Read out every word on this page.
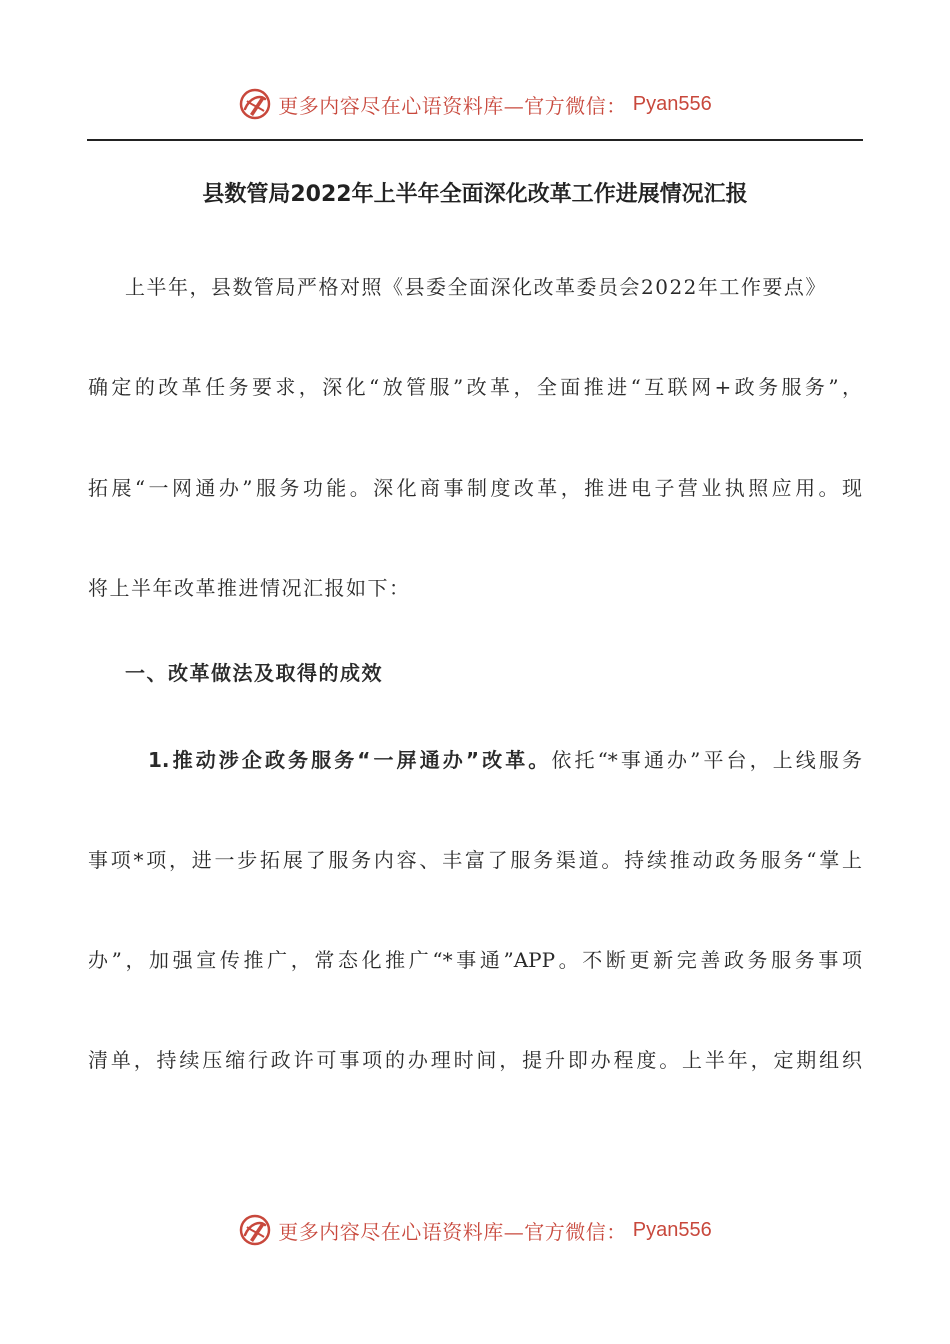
更多内容尽在心语资料库—官方微信： Pyan556
县数管局2022年上半年全面深化改革工作进展情况汇报
上半年，县数管局严格对照《县委全面深化改革委员会2022年工作要点》
确定的改革任务要求，深化“放管服”改革，全面推进“互联网+政务服务”，
拓展“一网通办”服务功能。深化商事制度改革，推进电子营业执照应用。现
将上半年改革推进情况汇报如下：
一、改革做法及取得的成效
1.推动涉企政务服务“一屏通办”改革。依托“*事通办”平台，上线服务
事项*项，进一步拓展了服务内容、丰富了服务渠道。持续推动政务服务“掌上
办”，加强宣传推广，常态化推广“*事通”APP。不断更新完善政务服务事项
清单，持续压缩行政许可事项的办理时间，提升即办程度。上半年，定期组织
更多内容尽在心语资料库—官方微信： Pyan556
